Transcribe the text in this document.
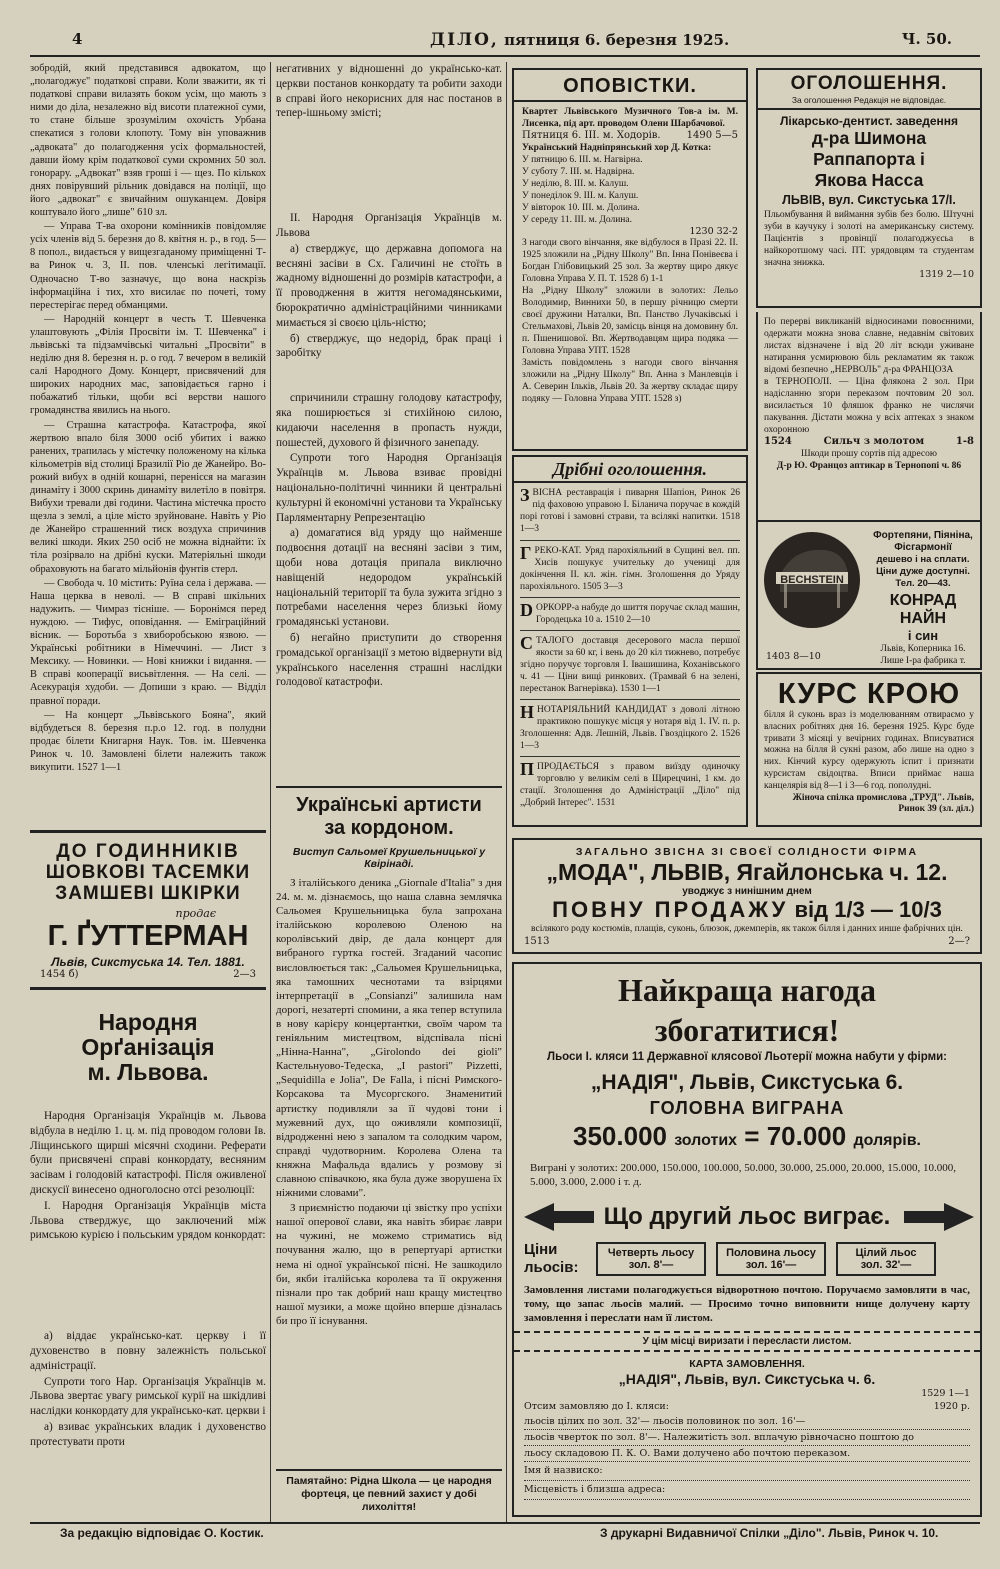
4	ДІЛО, пятниця 6. березня 1925.	Ч. 50.

зобродій, який представився адвокатом, що „полагоджує" податкові справи. Коли зважити, як ті податкові справи вилазять боком усім, що мають з ними до діла, незалежно від висоти платежної суми, то стане більше зрозумілим охочість Урбана спекатися з голови клопоту. Тому він уповажнив „адвоката" до полагодження усіх формальностей, давши йому крім податкової суми скромних 50 зол. гонорару. „Адвокат" взяв гроші і — щез. По кількох днях повірувший рільник довідався на поліції, що його „адвокат" є звичайним ошуканцем. Довіря коштувало його „лише" 610 зл.

— Управа Т-ва охорони комінників повідомляє усіх членів від 5. березня до 8. квітня н. р., в год. 5—8 попол., видається у вищезгаданому приміщенні Т-ва Ринок ч. 3, II. пов. членські легітимації. Одночасно Т-во зазначує, що вона наскрізь інформаційна і тих, хто висилає по почеті, тому перестерігає перед обманцями.

— Народній концерт в честь Т. Шевченка улаштовують „Філія Просвіти ім. Т. Шевченка" і львівські та підзамчівські читальні „Просвіти" в неділю дня 8. березня н. р. о год. 7 вечером в великій салі Народного Дому. Концерт, присвячений для широких народних мас, заповідається гарно і побажатиб тільки, щоби всі верстви нашого громадянства явились на нього.

— Страшна катастрофа. Катастрофа, якої жертвою впало біля 3000 осіб убитих і важко ранених, трапилась у містечку положеному на кілька кільометрів від столиці Бразилії Ріо де Жанейро. Во-рожий вибух в одній кошарні, перенісся на магазин динаміту і 3000 скринь динаміту вилетіло в повітря. Вибухи тревали дві години. Частина містечка просто щезла з землі, а ціле місто зруйноване. Навіть у Ріо де Жанейро страшенний тиск воздуха спричинив великі шкоди. Яких 250 осіб не можна віднайти: їх тіла розірвало на дрібні куски. Матеріяльні шкоди обраховують на багато мільйонів фунтів стерл.

— Свобода ч. 10 містить: Руїна села і держава. — Наша церква в неволі. — В справі шкільних надужить. — Чимраз тісніше. — Боронімся перед нуждою. — Тифус, оповідання. — Еміграційний вісник. — Боротьба з хвиборобською язвою. — Українські робітники в Німеччині. — Лист з Мексику. — Новинки. — Нові книжки і видання. — В справі кооперації висьвітлення. — На селі. — Асекурація худоби. — Допиши з краю. — Відділ правної поради.

— На концерт „Львівського Бояна", який відбудеться 8. березня п.р.о 12. год. в полудни продає білети Книгарня Наук. Тов. ім. Шевченка Ринок ч. 10. Замовлені білети належить також викупити. 1527 1—1

ДО ГОДИННИКІВ
ШОВКОВІ ТАСЕМКИ
ЗАМШЕВІ ШКІРКИ
продає
Г. ҐУТТЕРМАН
Львів, Сикстуська 14. Тел. 1881.
1454 б)	2—3
Народня Орґанізація
м. Львова.

Народня Організація Українців м. Львова відбула в неділю 1. ц. м. під проводом голови Ів. Ліщинського щирші місячні сходини. Реферати були присвячені справі конкордату, весняним засівам і голодовій катастрофі. Після оживленої дискусії винесено одноголосно отсі резолюції:

І. Народня Організація Українців міста Львова стверджує, що заключений між римською курією і польським урядом конкордат:

а) віддає українсько-кат. церкву і її духовенство в повну залежність польської адміністрації.

Супроти того Нар. Організація Українців м. Львова звертає увагу римської курії на шкідливі наслідки конкордату для українсько-кат. церкви і

а) взиває українських владик і духовенство протестувати проти

негативних у відношенні до українсько-кат. церкви постанов конкордату та робити заходи в справі його некорисних для нас постанов в тепер-ішньому змісті;

II. Народня Організація Українців м. Львова

а) стверджує, що державна допомога на весняні засіви в Сх. Галичині не стоїть в жадному відношенні до розмірів катастрофи, а її проводження в життя негомадянськими, бюрократично адміністраційними чинниками мимається зі своєю ціль-ністю;

б) стверджує, що недорід, брак праці і заробітку

спричинили страшну голодову катастрофу, яка поширюється зі стихійною силою, кидаючи населення в пропасть нужди, пошестей, духового й фізичного занепаду.

Супроти того Народня Організація Українців м. Львова взиває провідні національно-політичні чинники й центральні культурні й економічні установи та Українську Парляментарну Репрезентацію

а) домагатися від уряду що найменше подвоєння дотації на весняні засіви з тим, щоби нова дотація припала виключно навіщеній недородом українській національній території та була зужита згідно з потребами населення через близькі йому громадянські установи.

б) негайно приступити до створення громадської організації з метою відвернути від українського населення страшні наслідки голодової катастрофи.

Українські артисти
за кордоном.
Виступ Сальомеї Крушельницької у Квірінаді.

З італійського деника „Giornale d'Italia" з дня 24. м. м. дізнаємось, що наша славна землячка Сальомея Крушельницька була запрохана італійською королевою Оленою на королівський двір, де дала концерт для вибраного гуртка гостей. Згаданий часопис висловлюється так: „Сальомея Крушельницька, яка тамошних чеснотами та взірцями інтерпретації в „Consianzi" залишила нам дорогі, незатерті спомини, а яка тепер вступила в нову карієру концертантки, своїм чаром та геніяльним мистецтвом, відспівала пісні „Нінна-Нанна", „Girolondo dei gioli" Кастельнуово-Тедеска, „I pastori" Pizzetti, „Sequidilla e Jolia", De Falla, і пісні Римского-Корсакова та Мусоргского. Знаменитий артистку подивляли за її чудові тони і мужевний дух, що оживляли композиції, відродженні нею з запалом та солодким чаром, справді чудотворним. Королева Олена та княжна Мафальда вдались у розмову зі славною співачкою, яка була дуже зворушена їх ніжними словами".

З приємністю подаючи ці звістку про успіхи нашої оперової слави, яка навіть збирає лаври на чужині, не можемо стриматись від почування жалю, що в репертуарі артистки нема ні одної української пісні. Не зашкодило би, якби італійська королева та її окруження пізнали про так добрий наш кращу мистецтво нашої музики, а може щойно вперше дізналась би про її існування.

Памятайно: Рідна Школа — це народня фортеця, це певний захист у добі лихоліття!
ОПОВІСТКИ.

Квартет Львівського Музичного Тов-а ім. М. Лисенка, під арт. проводом Олени Шарбачової.

Пятниця 6. III. м. Ходорів.	1490 5—5

Український Надніпрянський хор Д. Котка:

У пятницю 6. III. м. Нагвірна.
У суботу 7. III. м. Надвірна.
У неділю, 8. III. м. Калуш.
У понеділок 9. III. м. Калуш.
У вівторок 10. III. м. Долина.
У середу 11. III. м. Долина.
1230 32-2

З нагоди свого вінчання, яке відбулося в Празі 22. II. 1925 зложили на „Рідну Школу" Вп. Інна Понівеєва і Богдан Глібовицький 25 зол. За жертву щиро дякує Головна Управа У. П. Т. 1528 б) 1-1

На „Рідну Школу" зложили в золотих: Лельо Володимир, Виннихи 50, в першу річницю смерти своєї дружини Наталки, Вп. Панство Лучаківські і Стельмахові, Львів 20, замісць вінця на домовину бл. п. Пшенишової. Вп. Жертводавцям щира подяка — Головна Управа УПТ. 1528

Замість повідомлень з нагоди свого вінчання зложили на „Рідну Школу" Вп. Анна з Манлевців і А. Северин Ільків, Львів 20. За жертву складає щиру подяку — Головна Управа УПТ. 1528 з)

Дрібні оголошення.

ЗВІСНА реставрація і пиварня Шапіон, Ринок 26 під фаховою управою І. Біланича поручає в кождій порі готові і замовні страви, та всілякі напитки. 1518 1—3

ГРЕКО-КАТ. Уряд парохіяльний в Сущині вел. пп. Хисів пошукує учительку до учениці для докінчення II. кл. жін. гімн. Зголошення до Уряду парохіяльного. 1505 3—3

DОРКОРР-а набуде до шиття поручає склад машин, Городецька 10 а. 1510 2—10

СТАЛОГО доставця десерового масла першої якости за 60 кг, і вень до 20 кіл тижнево, потребує згідно поручує торговля І. Івашишина, Коханівського ч. 41 — Ціни вищі ринкових. (Трамвай 6 на зелені, перестанок Вагнерівка). 1530 1—1

ННОТАРІЯЛЬНИЙ КАНДИДАТ з доволі літною практикою пошукує місця у нотаря від 1. IV. п. р. Зголошення: Адв. Лешній, Львів. Гвоздіцкого 2. 1526 1—3

ППРОДАЄТЬСЯ з правом виїзду одиночку торговлю у великім селі в Щирецчині, 1 км. до стації. Зголошення до Адміністрації „Діло" під „Добрий Інтерес". 1531

ОГОЛОШЕННЯ.
За оголошення Редакція не відповідає.
Лікарсько-дентист. заведення
д-ра Шимона Раппапорта і
Якова Насса
ЛЬВІВ, вул. Сикстуська 17/I.

Пльомбування й виймання зубів без болю. Штучні зуби в каучуку і золоті на американську систему. Пацієнтів з провінції полагоджуєсьа в найкоротшому часі. ПТ. урядовцям та студентам значна знижка.

1319 2—10

По перерві викликаній відносинами повоєнними, одержати можна знова славне, недавнім світових листах відзначене і від 20 літ всюди уживане натирання усмирювою біль рекламатим як також відомі безпечно „НЕРВОЛЬ" д-ра ФРАНЦОЗА

в ТЕРНОПОЛІ. — Ціна флякона 2 зол. При надісланню згори переказом почтовим 20 зол. висилається 10 фляшок франко не числячи пакування. Дістати можна у всіх аптеках з знаком охоронною

1524	Сильч з молотом	1-8
Шкоди прошу сортів під адресою
Д-р Ю. Францоз аптикар в Тернопопі ч. 86
BECHSTEIN
Фортепяни, Піяніна, Фісгармонії
дешево і на сплати. Ціни дуже доступні. Тел. 20—43.
КОНРАД НАЙН
і син
Львів, Коперника 16. Лише І-ра фабрика т.
1403 8—10
КУРС КРОЮ

білля й суконь враз із моделюванням отвираємо у власних робітнях дня 16. березня 1925. Курс буде тривати 3 місяці у вечірних годинах. Вписуватися можна на білля й сукні разом, або лише на одно з них. Кінчий курсу одержують іспит і признати курсистам свідоцтва. Вписи приймає наша канцелярія від 8—1 і 3—6 год. пополудні.

Жіноча спілка промислова „ТРУД". Львів, Ринок 39 (зл. діл.)
ЗАГАЛЬНО ЗВІСНА ЗІ СВОЄЇ СОЛІДНОСТИ ФІРМА
„МОДА", ЛЬВІВ, Ягайлонська ч. 12.
уводжує з нинішним днем
ПОВНУ ПРОДАЖУ від 1/3 — 10/3
всілякого роду костюмів, плащів, суконь, блюзок, джемперів, як також білля і данних инше фабрічних цін.
1513	2—?
Найкраща нагода збогатитися!
Льоси І. кляси 11 Державної клясової Льотерії можна набути у фірми:
„НАДІЯ", Львів, Сикстуська 6.
ГОЛОВНА ВИГРАНА
350.000 золотих = 70.000 долярів.
Виграні у золотих: 200.000, 150.000, 100.000, 50.000, 30.000, 25.000, 20.000, 15.000, 10.000, 5.000, 3.000, 2.000 і т. д.
Що другий льос виграє.
Ціни
льосів:
Четверть льосу
зол. 8'—
Половина льосу
зол. 16'—
Цілий льос
зол. 32'—

Замовлення листами полагоджується відворотною почтою. Поручаємо замовляти в час, тому, що запас льосів малий. — Просимо точно виповнити нище долучену карту замовлення і переслати нам її листом.

У цім місці виризати і пересласти листом.
КАРТА ЗАМОВЛЕННЯ.
„НАДІЯ", Львів, вул. Сикстуська ч. 6.
1529 1—1
Отсим замовляю до І. кляси:	1920 р.
льосів цілих по зол. 32'— льосів половинок по зол. 16'—
льосів чверток по зол. 8'—. Належитість зол. вплачую рівночасно поштою до
льосу складовою П. К. О. Вами долучено або почтою переказом.
Імя й назвиско:
Місцевість і близша адреса:
За редакцію відповідає О. Костик.	З друкарні Видавничої Спілки „Діло". Львів, Ринок ч. 10.
